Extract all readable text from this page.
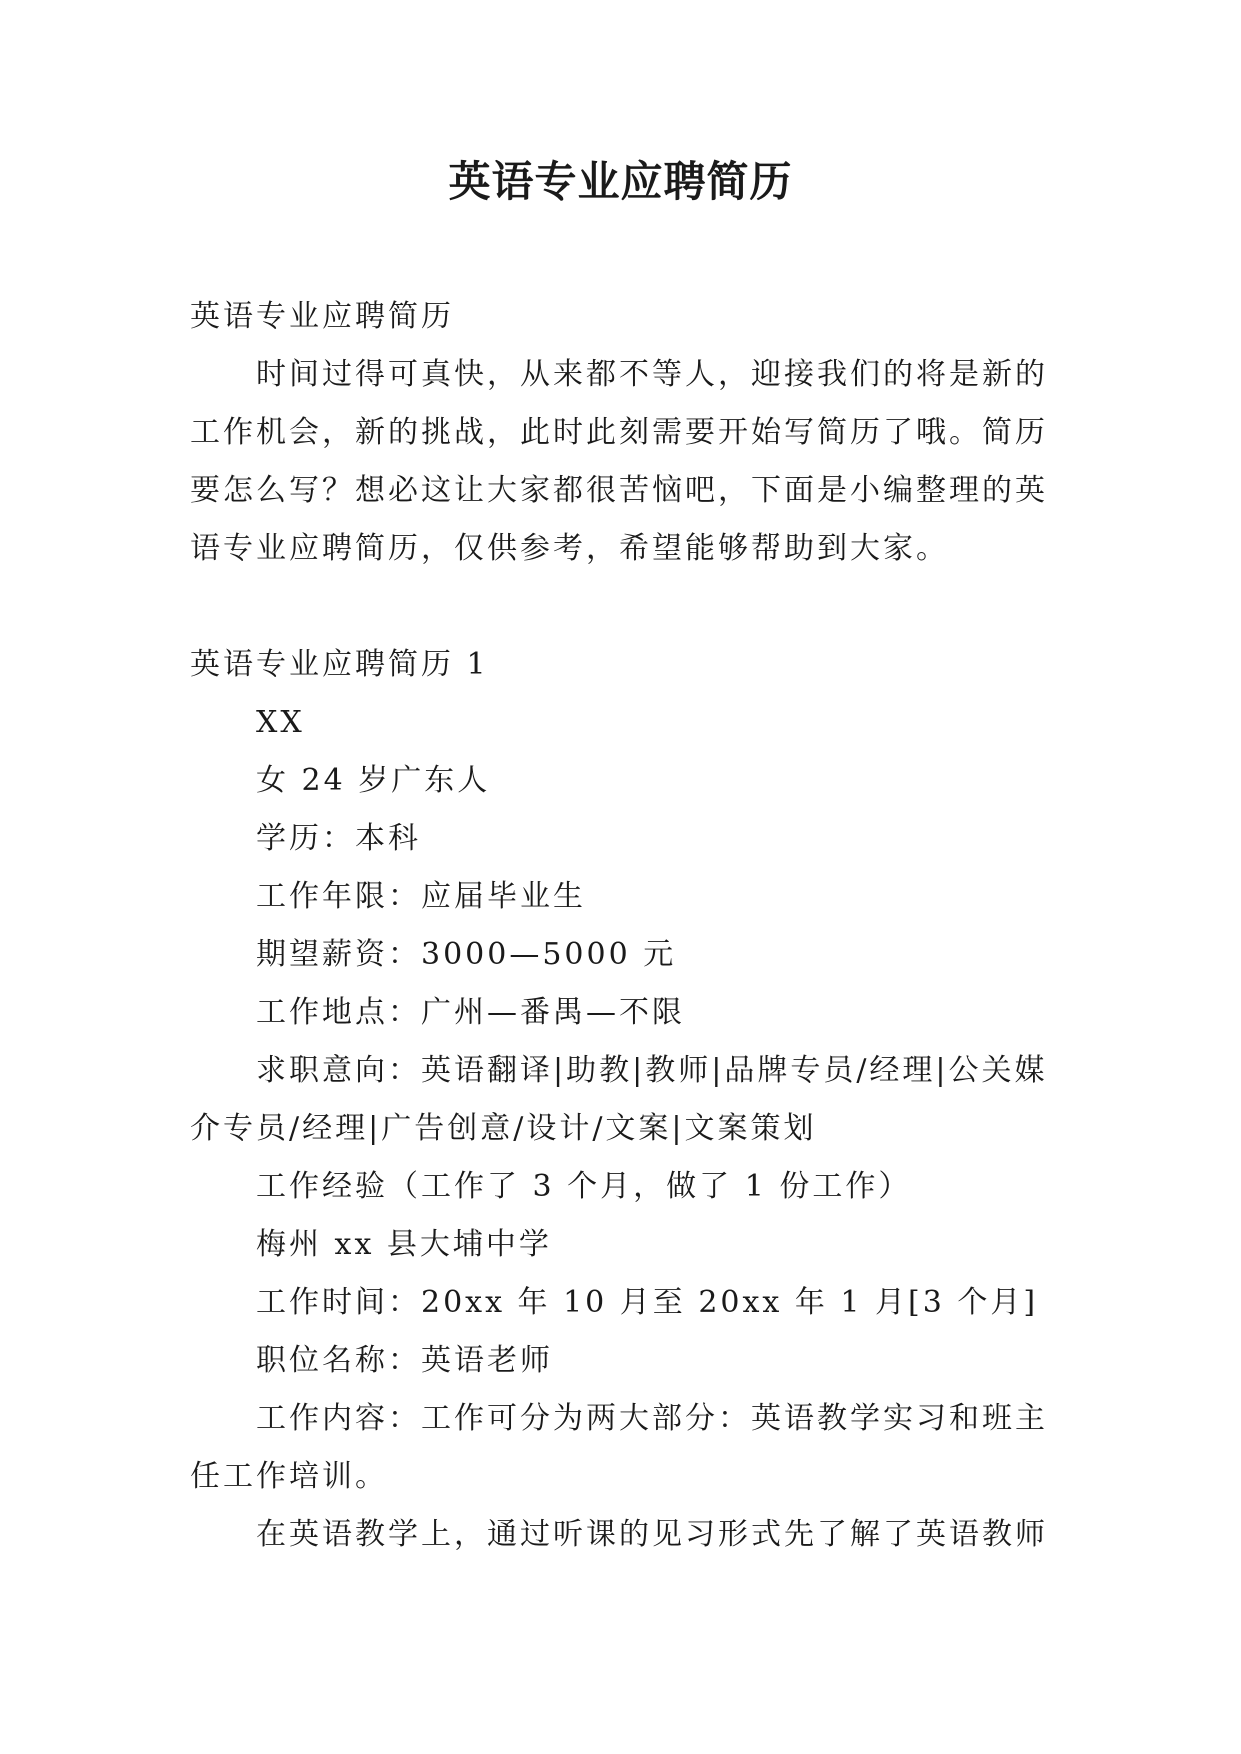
英语专业应聘简历

英语专业应聘简历

时间过得可真快，从来都不等人，迎接我们的将是新的工作机会，新的挑战，此时此刻需要开始写简历了哦。简历要怎么写？想必这让大家都很苦恼吧，下面是小编整理的英语专业应聘简历，仅供参考，希望能够帮助到大家。

英语专业应聘简历 1

XX

女 24 岁广东人

学历：本科

工作年限：应届毕业生

期望薪资：3000—5000 元

工作地点：广州—番禺—不限

求职意向：英语翻译|助教|教师|品牌专员/经理|公关媒介专员/经理|广告创意/设计/文案|文案策划

工作经验（工作了 3 个月，做了 1 份工作）

梅州 xx 县大埔中学

工作时间：20xx 年 10 月至 20xx 年 1 月[3 个月]

职位名称：英语老师

工作内容：工作可分为两大部分：英语教学实习和班主任工作培训。

在英语教学上，通过听课的见习形式先了解了英语教师
